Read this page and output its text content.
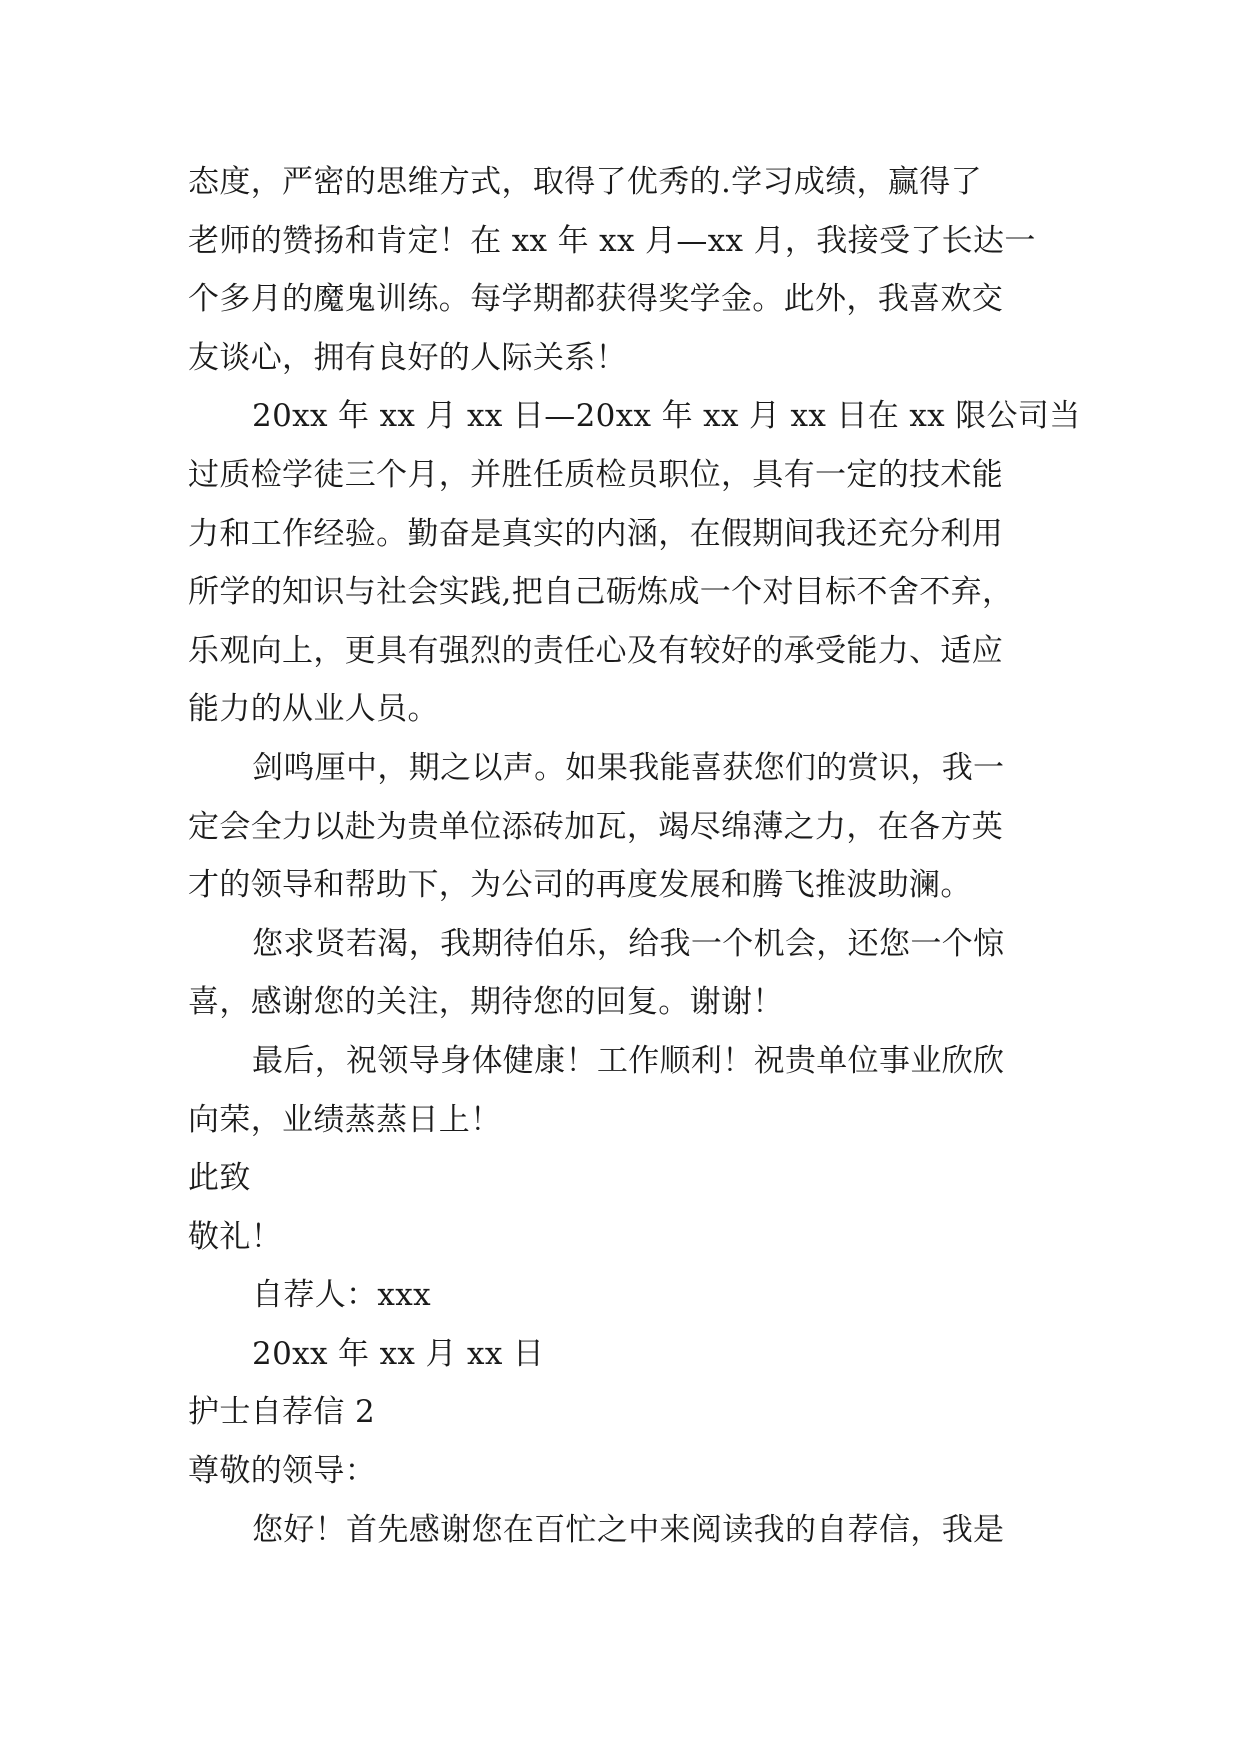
态度，严密的思维方式，取得了优秀的.学习成绩，赢得了
老师的赞扬和肯定！在 xx 年 xx 月—xx 月，我接受了长达一
个多月的魔鬼训练。每学期都获得奖学金。此外，我喜欢交
友谈心，拥有良好的人际关系！
20xx 年 xx 月 xx 日—20xx 年 xx 月 xx 日在 xx 限公司当
过质检学徒三个月，并胜任质检员职位，具有一定的技术能
力和工作经验。勤奋是真实的内涵，在假期间我还充分利用
所学的知识与社会实践,把自己砺炼成一个对目标不舍不弃，
乐观向上，更具有强烈的责任心及有较好的承受能力、适应
能力的从业人员。
剑鸣厘中，期之以声。如果我能喜获您们的赏识，我一
定会全力以赴为贵单位添砖加瓦，竭尽绵薄之力，在各方英
才的领导和帮助下，为公司的再度发展和腾飞推波助澜。
您求贤若渴，我期待伯乐，给我一个机会，还您一个惊
喜，感谢您的关注，期待您的回复。谢谢！
最后，祝领导身体健康！工作顺利！祝贵单位事业欣欣
向荣，业绩蒸蒸日上！
此致
敬礼！
自荐人：xxx
20xx 年 xx 月 xx 日
护士自荐信 2
尊敬的领导：
您好！首先感谢您在百忙之中来阅读我的自荐信，我是
